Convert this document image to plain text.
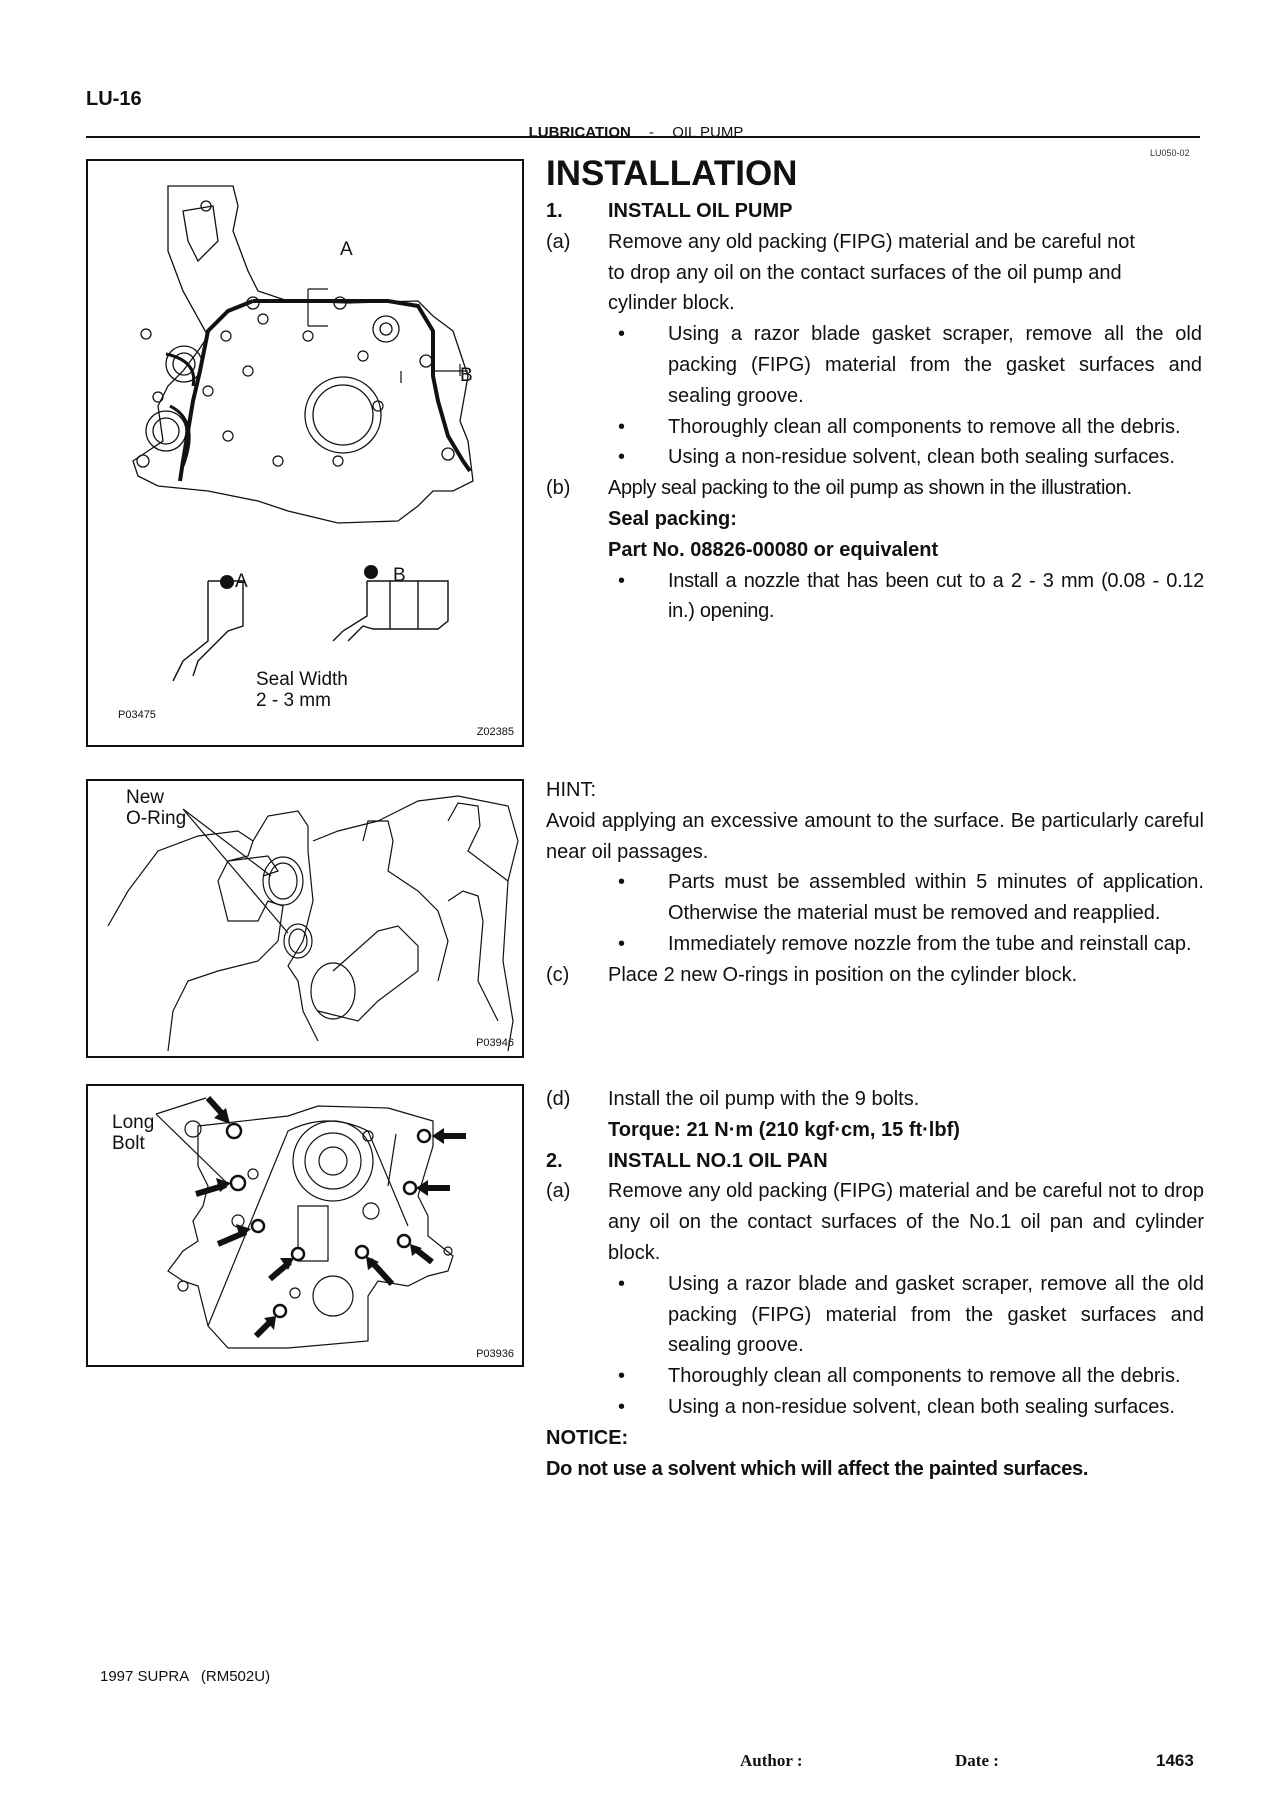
LU-16
LUBRICATION - OIL PUMP
LU050-02
A
B
A	B
Seal Width
2 - 3 mm
P03475
Z02385
New
O-Ring
P03946
Long
Bolt
P03936
INSTALLATION
1. INSTALL OIL PUMP
(a) Remove any old packing (FIPG) material and be careful not to drop any oil on the contact surfaces of the oil pump and cylinder block.
• Using a razor blade gasket scraper, remove all the old packing (FIPG) material from the gasket surfaces and sealing groove.
• Thoroughly clean all components to remove all the debris.
• Using a non-residue solvent, clean both sealing surfaces.
(b) Apply seal packing to the oil pump as shown in the illustration.
Seal packing:
Part No. 08826-00080 or equivalent
• Install a nozzle that has been cut to a 2 - 3 mm (0.08 - 0.12 in.) opening.
HINT:
Avoid applying an excessive amount to the surface. Be particularly careful near oil passages.
• Parts must be assembled within 5 minutes of application. Otherwise the material must be removed and reapplied.
• Immediately remove nozzle from the tube and reinstall cap.
(c) Place 2 new O-rings in position on the cylinder block.
(d) Install the oil pump with the 9 bolts.
Torque: 21 N·m (210 kgf·cm, 15 ft·lbf)
2. INSTALL NO.1 OIL PAN
(a) Remove any old packing (FIPG) material and be careful not to drop any oil on the contact surfaces of the No.1 oil pan and cylinder block.
• Using a razor blade and gasket scraper, remove all the old packing (FIPG) material from the gasket surfaces and sealing groove.
• Thoroughly clean all components to remove all the debris.
• Using a non-residue solvent, clean both sealing surfaces.
NOTICE:
Do not use a solvent which will affect the painted surfaces.
1997 SUPRA   (RM502U)
Author :	Date :	1463
